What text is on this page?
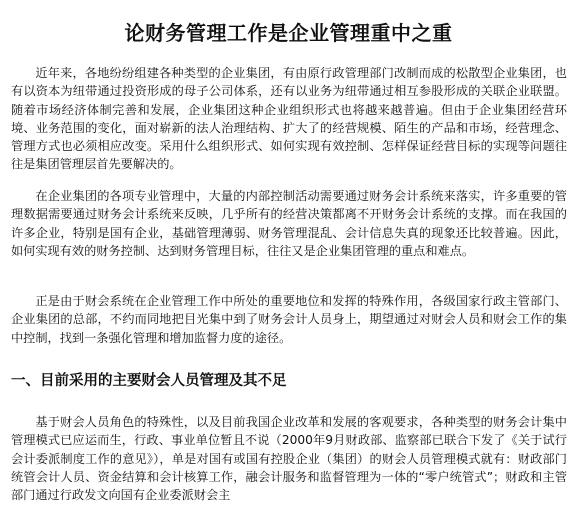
论财务管理工作是企业管理重中之重

近年来，各地纷纷组建各种类型的企业集团，有由原行政管理部门改制而成的松散型企业集团，也有以资本为纽带通过投资形成的母子公司体系，还有以业务为纽带通过相互参股形成的关联企业联盟。随着市场经济体制完善和发展，企业集团这种企业组织形式也将越来越普遍。但由于企业集团经营环境、业务范围的变化，面对崭新的法人治理结构、扩大了的经营规模、陌生的产品和市场，经营理念、管理方式也必须相应改变。采用什么组织形式、如何实现有效控制、怎样保证经营目标的实现等问题往往是集团管理层首先要解决的。

在企业集团的各项专业管理中，大量的内部控制活动需要通过财务会计系统来落实，许多重要的管理数据需要通过财务会计系统来反映，几乎所有的经营决策都离不开财务会计系统的支撑。而在我国的许多企业，特别是国有企业，基础管理薄弱、财务管理混乱、会计信息失真的现象还比较普遍。因此，如何实现有效的财务控制、达到财务管理目标，往往又是企业集团管理的重点和难点。

正是由于财会系统在企业管理工作中所处的重要地位和发挥的特殊作用，各级国家行政主管部门、企业集团的总部，不约而同地把目光集中到了财务会计人员身上，期望通过对财会人员和财会工作的集中控制，找到一条强化管理和增加监督力度的途径。

一、目前采用的主要财会人员管理及其不足

基于财会人员角色的特殊性，以及目前我国企业改革和发展的客观要求，各种类型的财务会计集中管理模式已应运而生，行政、事业单位暂且不说（2000年9月财政部、监察部已联合下发了《关于试行会计委派制度工作的意见》），单是对国有或国有控股企业（集团）的财会人员管理模式就有：财政部门统管会计人员、资金结算和会计核算工作，融会计服务和监督管理为一体的“零户统管式”；财政和主管部门通过行政发文向国有企业委派财会主
